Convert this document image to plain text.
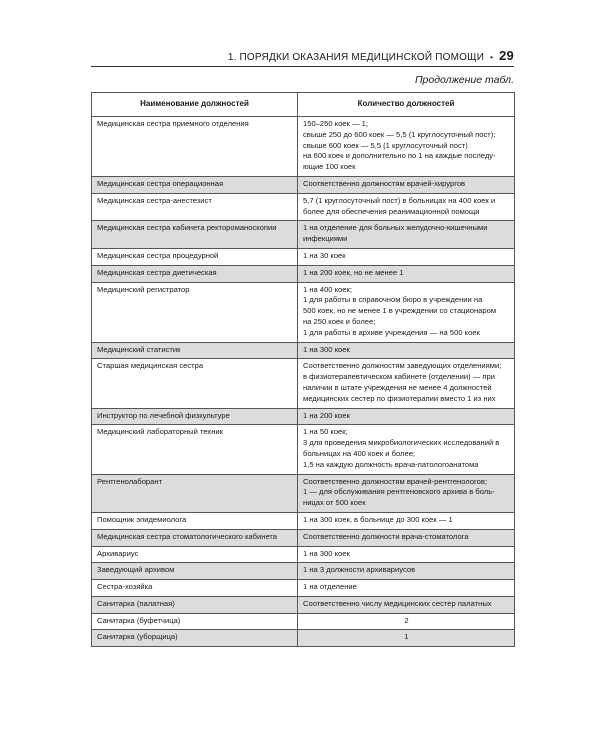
1. ПОРЯДКИ ОКАЗАНИЯ МЕДИЦИНСКОЙ ПОМОЩИ • 29
Продолжение табл.
Наименование должностей	Количество должностей
Медицинская сестра приемного отделения	150–250 коек — 1;
свыше 250 до 600 коек — 5,5 (1 круглосуточный пост);
свыше 600 коек — 5,5 (1 круглосуточный пост)
на 600 коек и дополнительно по 1 на каждые последу-
ющие 100 коек

Медицинская сестра операционная	Соответственно должностям врачей-хирургов

Медицинская сестра-анестезист	5,7 (1 круглосуточный пост) в больницах на 400 коек и
более для обеспечения реанимационной помощи

Медицинская сестра кабинета ректороманоскопии	1 на отделение для больных желудочно-кишечными
инфекциями

Медицинская сестра процедурной	1 на 30 коек

Медицинская сестра диетическая	1 на 200 коек, но не менее 1

Медицинский регистратор	1 на 400 коек;
1 для работы в справочном бюро в учреждении на
500 коек, но не менее 1 в учреждении со стационаром
на 250 коек и более;
1 для работы в архиве учреждения — на 500 коек

Медицинский статистик	1 на 300 коек

Старшая медицинская сестра	Соответственно должностям заведующих отделениями;
в физиотерапевтическом кабинете (отделении) — при
наличии в штате учреждения не менее 4 должностей
медицинских сестер по физиотерапии вместо 1 из них

Инструктор по лечебной физкультуре	1 на 200 коек

Медицинский лабораторный техник	1 на 50 коек;
3 для проведения микробиологических исследований в
больницах на 400 коек и более;
1,5 на каждую должность врача-патологоанатома

Рентгенолаборант	Соответственно должностям врачей-рентгенологов;
1 — для обслуживания рентгеновского архива в боль-
ницах от 500 коек

Помощник эпидемиолога	1 на 300 коек, в больнице до 300 коек — 1

Медицинская сестра стоматологического кабинета	Соответственно должности врача-стоматолога

Архивариус	1 на 300 коек

Заведующий архивом	1 на 3 должности архивариусов

Сестра-хозяйка	1 на отделение

Санитарка (палатная)	Соответственно числу медицинских сестер палатных

Санитарка (буфетчица)	2

Санитарка (уборщица)	1
